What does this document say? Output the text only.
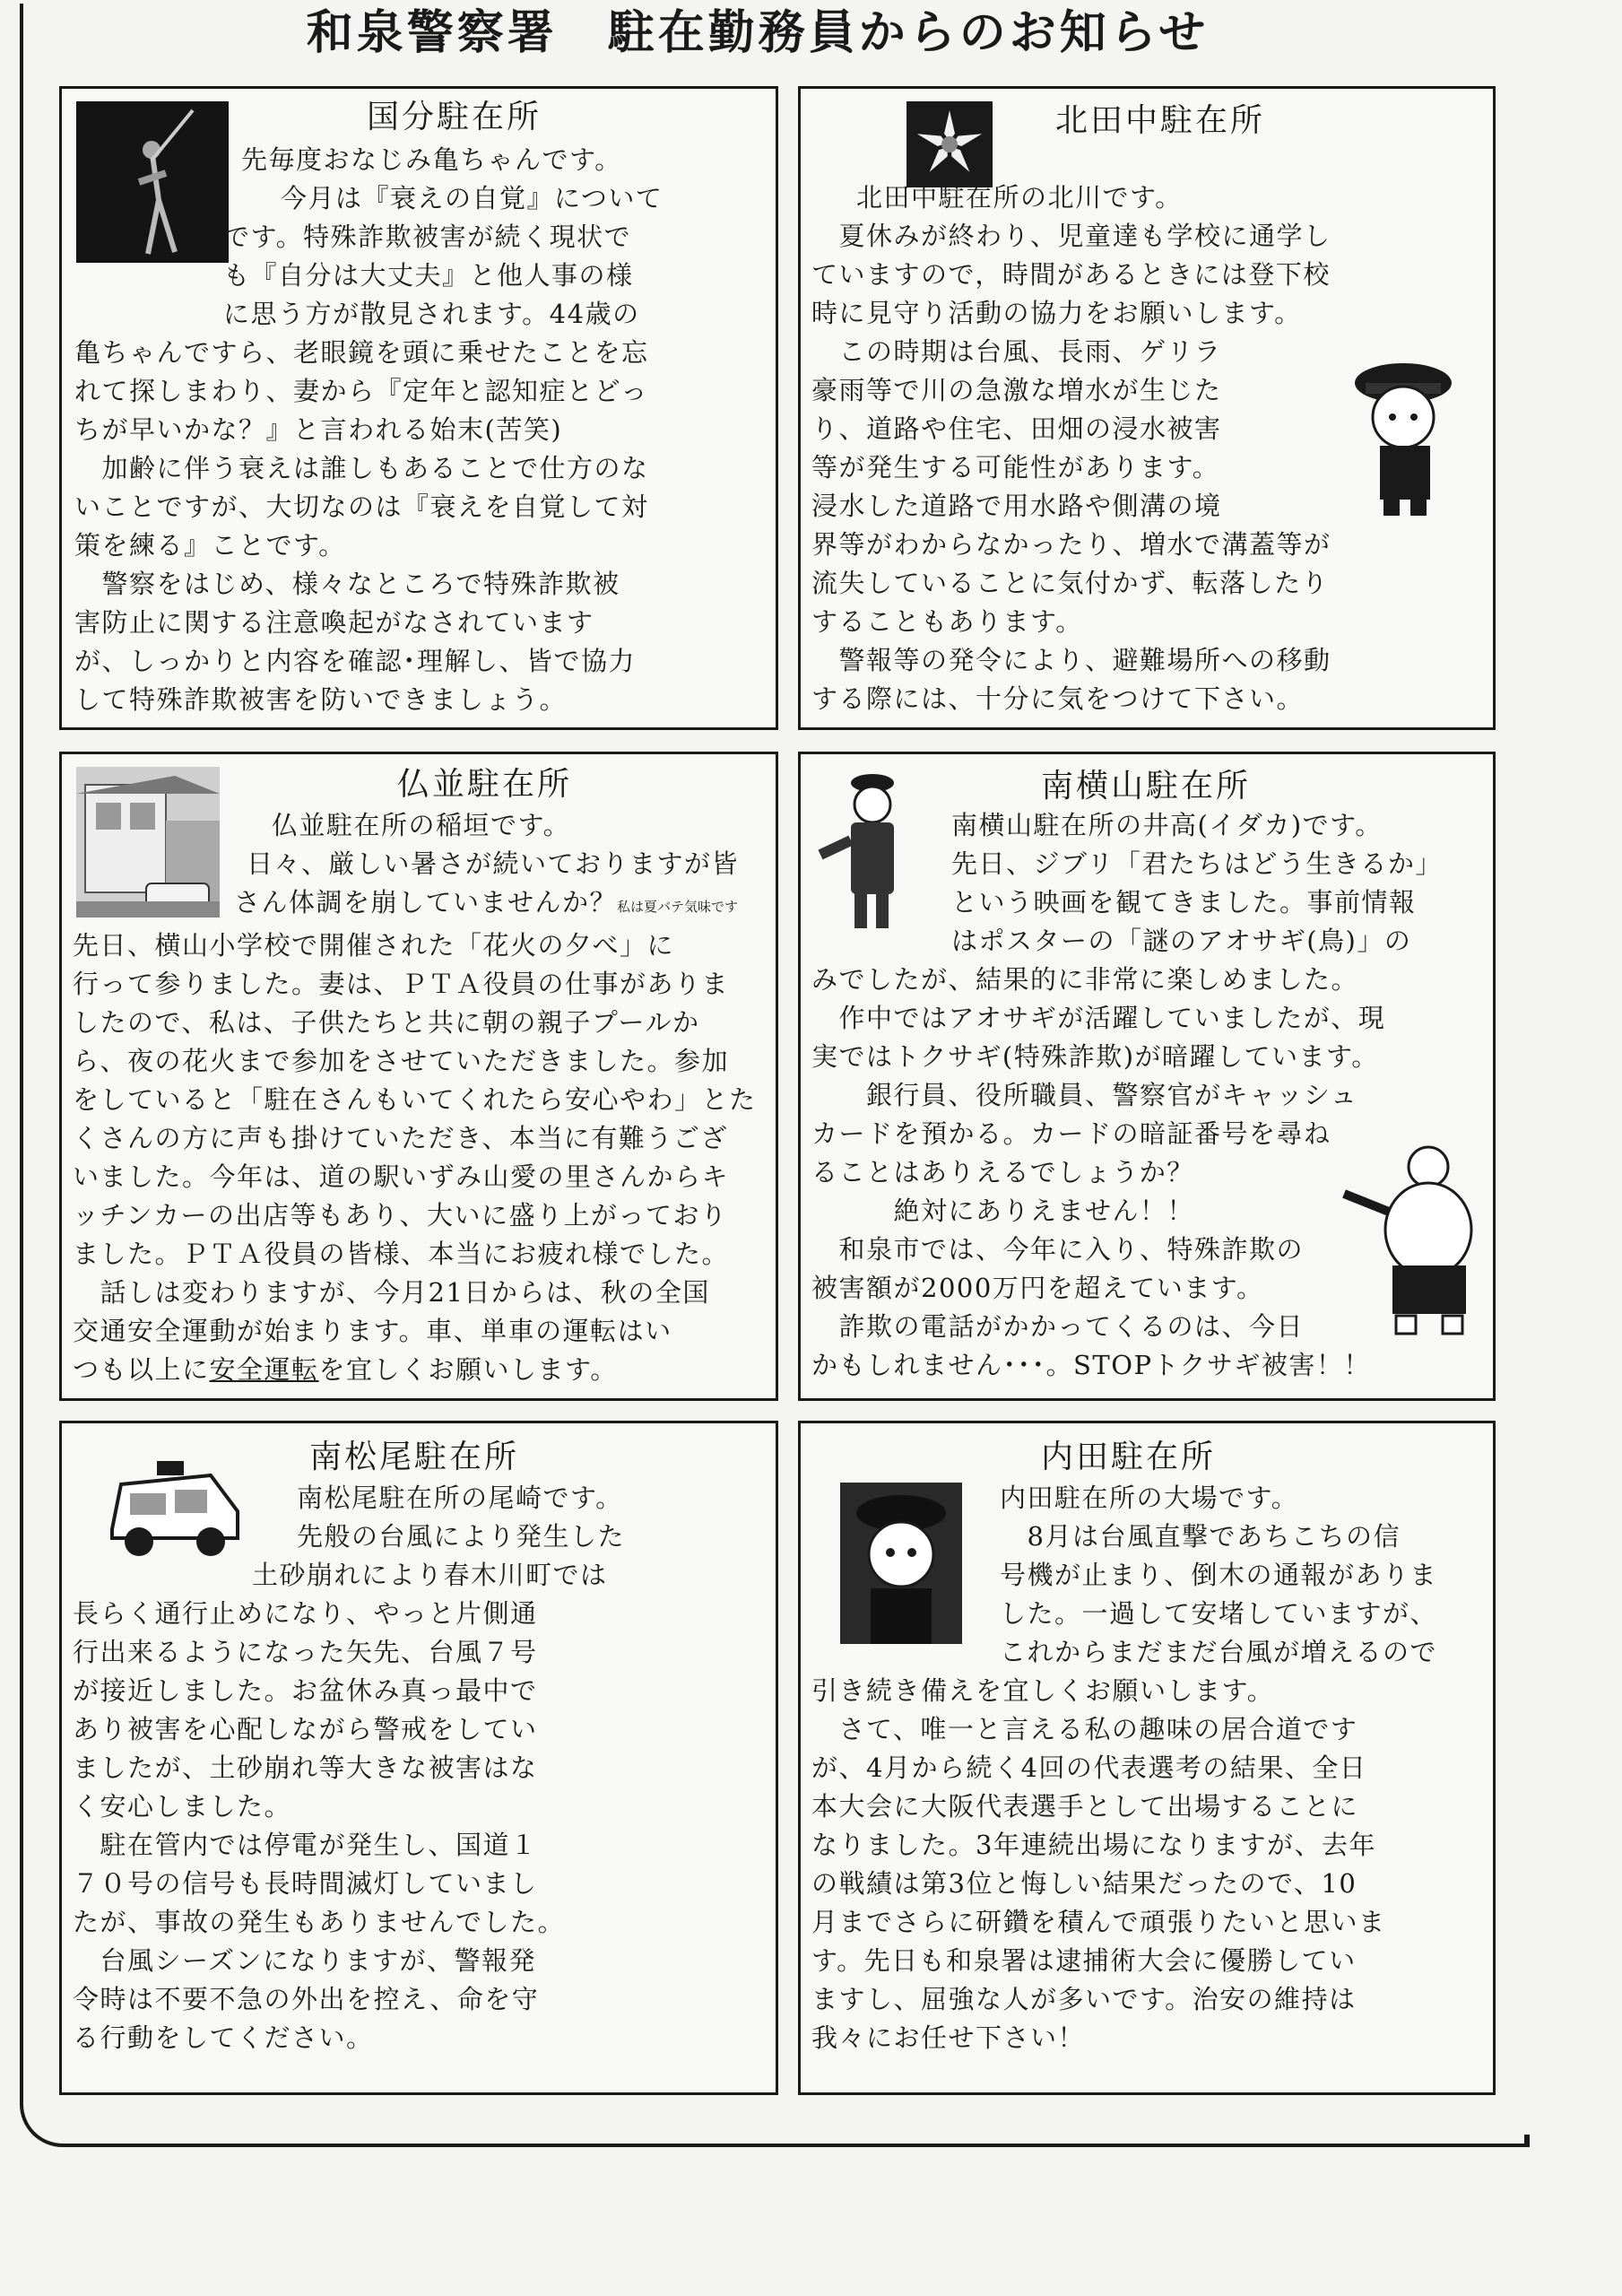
和泉警察署　駐在勤務員からのお知らせ
国分駐在所

先毎度おなじみ亀ちゃんです。

今月は『衰えの自覚』について

です。特殊詐欺被害が続く現状で

も『自分は大丈夫』と他人事の様

に思う方が散見されます。44歳の

亀ちゃんですら、老眼鏡を頭に乗せたことを忘

れて探しまわり、妻から『定年と認知症とどっ

ちが早いかな？』と言われる始末(苦笑)

　加齢に伴う衰えは誰しもあることで仕方のな

いことですが、大切なのは『衰えを自覚して対

策を練る』ことです。

　警察をはじめ、様々なところで特殊詐欺被

害防止に関する注意喚起がなされています

が、しっかりと内容を確認･理解し、皆で協力

して特殊詐欺被害を防いできましょう。

北田中駐在所

北田中駐在所の北川です。

　夏休みが終わり、児童達も学校に通学し

ていますので，時間があるときには登下校

時に見守り活動の協力をお願いします。

　この時期は台風、長雨、ゲリラ

豪雨等で川の急激な増水が生じた

り、道路や住宅、田畑の浸水被害

等が発生する可能性があります。

浸水した道路で用水路や側溝の境

界等がわからなかったり、増水で溝蓋等が

流失していることに気付かず、転落したり

することもあります。

　警報等の発令により、避難場所への移動

する際には、十分に気をつけて下さい。

仏並駐在所

仏並駐在所の稲垣です。

日々、厳しい暑さが続いておりますが皆

さん体調を崩していませんか？私は夏バテ気味です

先日、横山小学校で開催された「花火の夕べ」に

行って参りました。妻は、ＰＴＡ役員の仕事がありま

したので、私は、子供たちと共に朝の親子プールか

ら、夜の花火まで参加をさせていただきました。参加

をしていると「駐在さんもいてくれたら安心やわ」とた

くさんの方に声も掛けていただき、本当に有難うござ

いました。今年は、道の駅いずみ山愛の里さんからキ

ッチンカーの出店等もあり、大いに盛り上がっており

ました。ＰＴＡ役員の皆様、本当にお疲れ様でした。

　話しは変わりますが、今月21日からは、秋の全国

交通安全運動が始まります。車、単車の運転はい

つも以上に安全運転を宜しくお願いします。

南横山駐在所

南横山駐在所の井高(イダカ)です。

先日、ジブリ「君たちはどう生きるか」

という映画を観てきました。事前情報

はポスターの「謎のアオサギ(鳥)」の

みでしたが、結果的に非常に楽しめました。

　作中ではアオサギが活躍していましたが、現

実ではトクサギ(特殊詐欺)が暗躍しています。

　　銀行員、役所職員、警察官がキャッシュ

カードを預かる。カードの暗証番号を尋ね

ることはありえるでしょうか？

　　　絶対にありえません！！

　和泉市では、今年に入り、特殊詐欺の

被害額が2000万円を超えています。

　詐欺の電話がかかってくるのは、今日

かもしれません･･･。STOPトクサギ被害！！

南松尾駐在所

南松尾駐在所の尾崎です。

先般の台風により発生した

土砂崩れにより春木川町では

長らく通行止めになり、やっと片側通

行出来るようになった矢先、台風７号

が接近しました。お盆休み真っ最中で

あり被害を心配しながら警戒をしてい

ましたが、土砂崩れ等大きな被害はな

く安心しました。

　駐在管内では停電が発生し、国道１

７０号の信号も長時間滅灯していまし

たが、事故の発生もありませんでした。

　台風シーズンになりますが、警報発

令時は不要不急の外出を控え、命を守

る行動をしてください。

内田駐在所

内田駐在所の大場です。

　8月は台風直撃であちこちの信

号機が止まり、倒木の通報がありま

した。一過して安堵していますが、

これからまだまだ台風が増えるので

引き続き備えを宜しくお願いします。

　さて、唯一と言える私の趣味の居合道です

が、4月から続く4回の代表選考の結果、全日

本大会に大阪代表選手として出場することに

なりました。3年連続出場になりますが、去年

の戦績は第3位と悔しい結果だったので、10

月までさらに研鑽を積んで頑張りたいと思いま

す。先日も和泉署は逮捕術大会に優勝してい

ますし、屈強な人が多いです。治安の維持は

我々にお任せ下さい！
